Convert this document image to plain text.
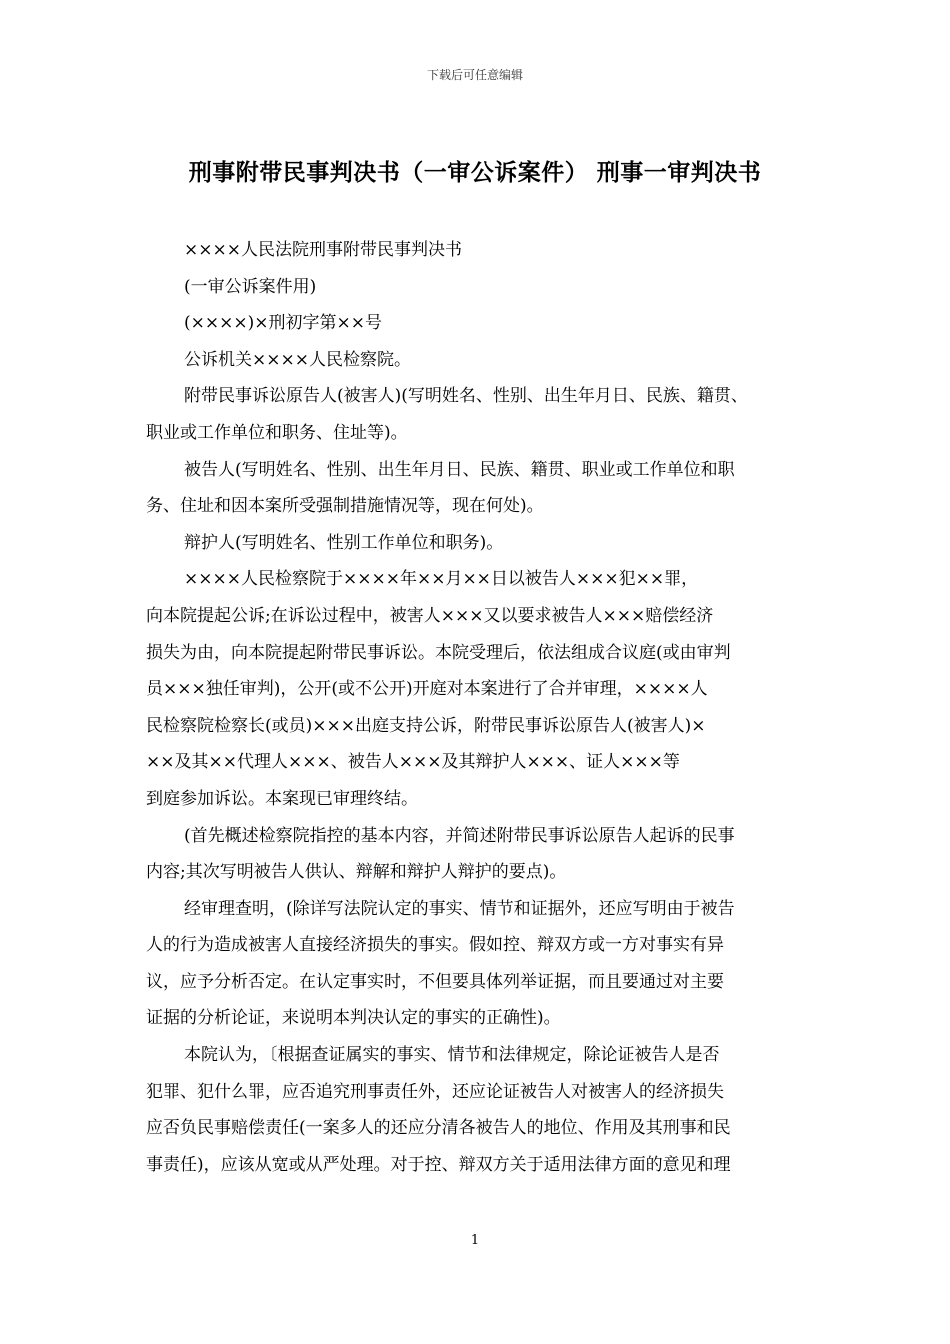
下载后可任意编辑
刑事附带民事判决书（一审公诉案件） 刑事一审判决书
××××人民法院刑事附带民事判决书
(一审公诉案件用)
(××××)×刑初字第××号
公诉机关××××人民检察院。
附带民事诉讼原告人(被害人)(写明姓名、性别、出生年月日、民族、籍贯、
职业或工作单位和职务、住址等)。
被告人(写明姓名、性别、出生年月日、民族、籍贯、职业或工作单位和职
务、住址和因本案所受强制措施情况等，现在何处)。
辩护人(写明姓名、性别工作单位和职务)。
××××人民检察院于××××年××月××日以被告人×××犯××罪，
向本院提起公诉;在诉讼过程中，被害人×××又以要求被告人×××赔偿经济
损失为由，向本院提起附带民事诉讼。本院受理后，依法组成合议庭(或由审判
员×××独任审判)，公开(或不公开)开庭对本案进行了合并审理，××××人
民检察院检察长(或员)×××出庭支持公诉，附带民事诉讼原告人(被害人)×
××及其××代理人×××、被告人×××及其辩护人×××、证人×××等
到庭参加诉讼。本案现已审理终结。
(首先概述检察院指控的基本内容，并简述附带民事诉讼原告人起诉的民事
内容;其次写明被告人供认、辩解和辩护人辩护的要点)。
经审理查明，(除详写法院认定的事实、情节和证据外，还应写明由于被告
人的行为造成被害人直接经济损失的事实。假如控、辩双方或一方对事实有异
议，应予分析否定。在认定事实时，不但要具体列举证据，而且要通过对主要
证据的分析论证，来说明本判决认定的事实的正确性)。
本院认为，〔根据查证属实的事实、情节和法律规定，除论证被告人是否
犯罪、犯什么罪，应否追究刑事责任外，还应论证被告人对被害人的经济损失
应否负民事赔偿责任(一案多人的还应分清各被告人的地位、作用及其刑事和民
事责任)，应该从宽或从严处理。对于控、辩双方关于适用法律方面的意见和理
1
